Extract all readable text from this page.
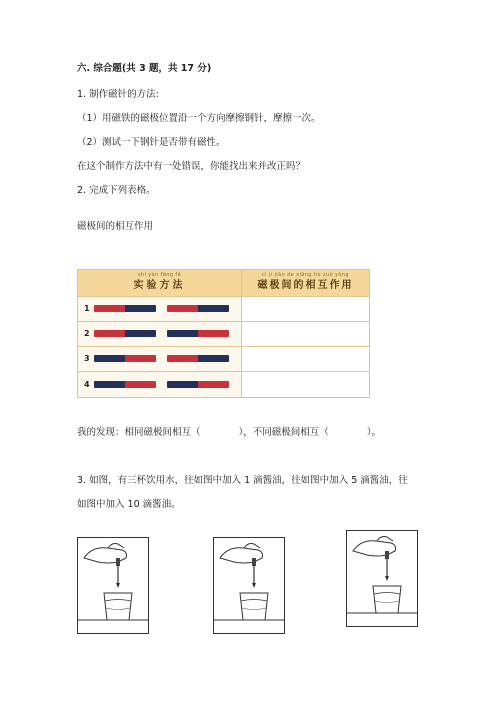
六. 综合题(共 3 题，共 17 分)
1. 制作磁针的方法:
（1）用磁铁的磁极位置沿一个方向摩擦钢针，摩擦一次。
（2）测试一下钢针是否带有磁性。
在这个制作方法中有一处错误，你能找出来并改正吗？
2. 完成下列表格。
磁极间的相互作用
shí yàn fāng fǎ
实验方法
cí jí jiān de xiāng hù zuò yòng
磁极间的相互作用
1
2
3
4
我的发现：相同磁极间相互（　　　　），不同磁极间相互（　　　　）。
3. 如图，有三杯饮用水，往如图中加入 1 滴酱油，往如图中加入 5 滴酱油，往
如图中加入 10 滴酱油。
